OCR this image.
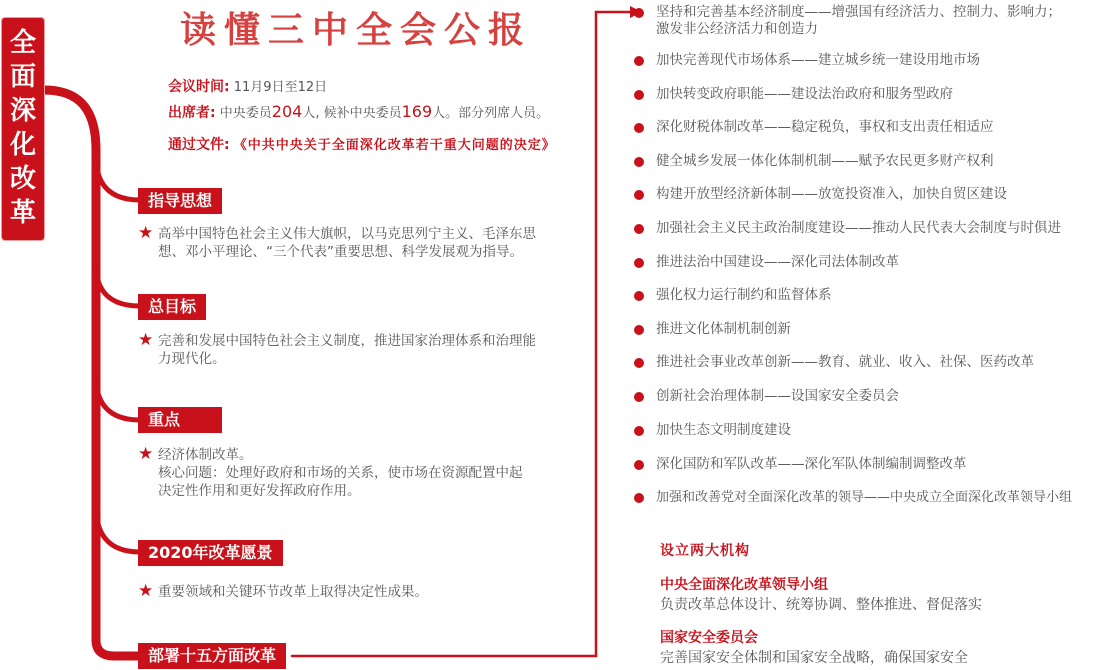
全面深化改革
读懂三中全会公报
会议时间: 11月9日至12日
出席者: 中央委员204人, 候补中央委员169人。部分列席人员。
通过文件: 《中共中央关于全面深化改革若干重大问题的决定》
指导思想
★ 高举中国特色社会主义伟大旗帜，以马克思列宁主义、毛泽东思
想、邓小平理论、“三个代表”重要思想、科学发展观为指导。
总目标
★ 完善和发展中国特色社会主义制度，推进国家治理体系和治理能
力现代化。
重点
★ 经济体制改革。
核心问题：处理好政府和市场的关系，使市场在资源配置中起
决定性作用和更好发挥政府作用。
2020年改革愿景
★ 重要领域和关键环节改革上取得决定性成果。
部署十五方面改革
坚持和完善基本经济制度——增强国有经济活力、控制力、影响力；
激发非公经济活力和创造力
加快完善现代市场体系——建立城乡统一建设用地市场
加快转变政府职能——建设法治政府和服务型政府
深化财税体制改革——稳定税负，事权和支出责任相适应
健全城乡发展一体化体制机制——赋予农民更多财产权利
构建开放型经济新体制——放宽投资准入，加快自贸区建设
加强社会主义民主政治制度建设——推动人民代表大会制度与时俱进
推进法治中国建设——深化司法体制改革
强化权力运行制约和监督体系
推进文化体制机制创新
推进社会事业改革创新——教育、就业、收入、社保、医药改革
创新社会治理体制——设国家安全委员会
加快生态文明制度建设
深化国防和军队改革——深化军队体制编制调整改革
加强和改善党对全面深化改革的领导——中央成立全面深化改革领导小组
设立两大机构
中央全面深化改革领导小组
负责改革总体设计、统筹协调、整体推进、督促落实
国家安全委员会
完善国家安全体制和国家安全战略，确保国家安全
